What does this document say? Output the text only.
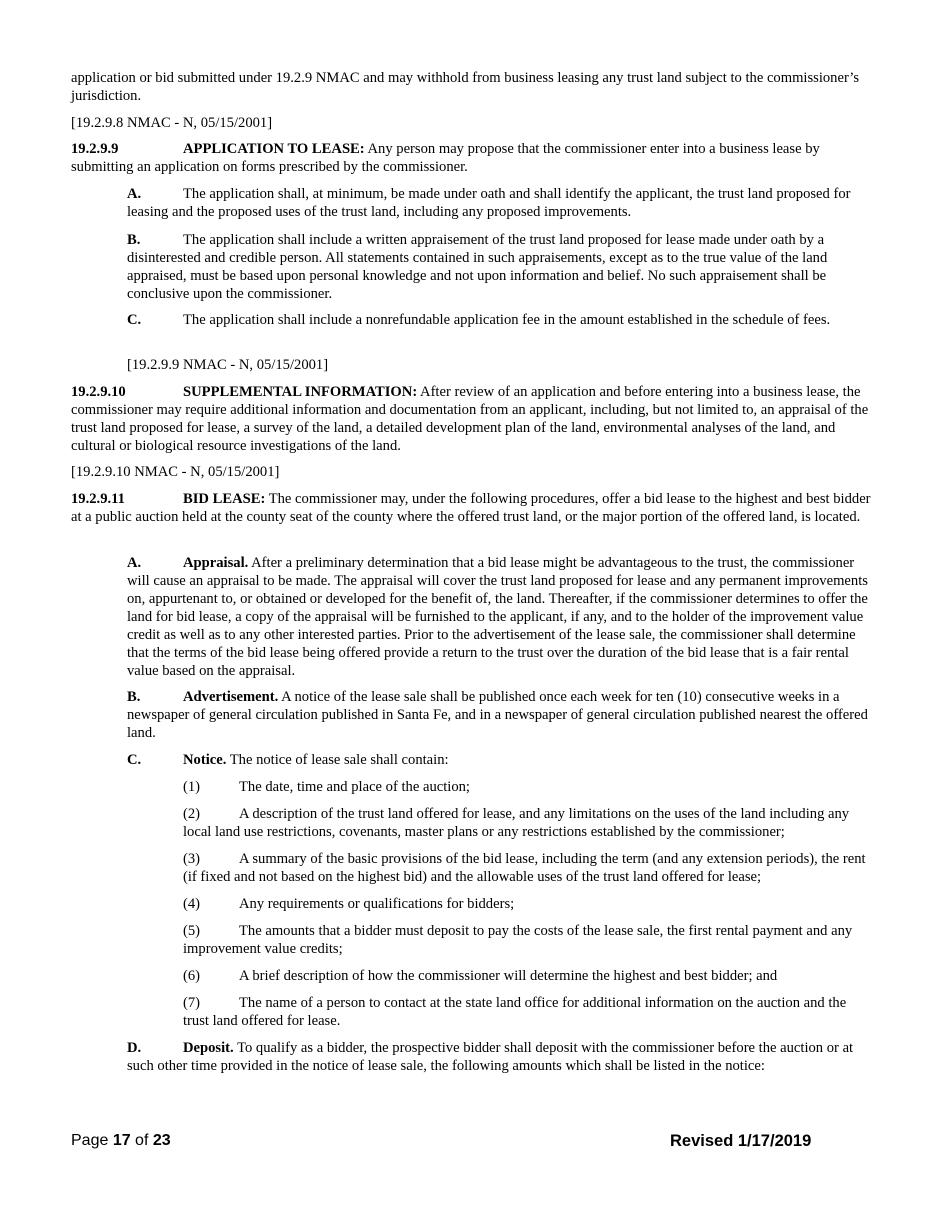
application or bid submitted under 19.2.9 NMAC and may withhold from business leasing any trust land subject to the commissioner’s jurisdiction.

[19.2.9.8 NMAC - N, 05/15/2001]

19.2.9.9	APPLICATION TO LEASE: Any person may propose that the commissioner enter into a business lease by submitting an application on forms prescribed by the commissioner.

A.	The application shall, at minimum, be made under oath and shall identify the applicant, the trust land proposed for leasing and the proposed uses of the trust land, including any proposed improvements.

B.	The application shall include a written appraisement of the trust land proposed for lease made under oath by a disinterested and credible person. All statements contained in such appraisements, except as to the true value of the land appraised, must be based upon personal knowledge and not upon information and belief. No such appraisement shall be conclusive upon the commissioner.

C.	The application shall include a nonrefundable application fee in the amount established in the schedule of fees.

[19.2.9.9 NMAC - N, 05/15/2001]

19.2.9.10	SUPPLEMENTAL INFORMATION: After review of an application and before entering into a business lease, the commissioner may require additional information and documentation from an applicant, including, but not limited to, an appraisal of the trust land proposed for lease, a survey of the land, a detailed development plan of the land, environmental analyses of the land, and cultural or biological resource investigations of the land.

[19.2.9.10 NMAC - N, 05/15/2001]

19.2.9.11	BID LEASE: The commissioner may, under the following procedures, offer a bid lease to the highest and best bidder at a public auction held at the county seat of the county where the offered trust land, or the major portion of the offered land, is located.

A.	Appraisal. After a preliminary determination that a bid lease might be advantageous to the trust, the commissioner will cause an appraisal to be made. The appraisal will cover the trust land proposed for lease and any permanent improvements on, appurtenant to, or obtained or developed for the benefit of, the land. Thereafter, if the commissioner determines to offer the land for bid lease, a copy of the appraisal will be furnished to the applicant, if any, and to the holder of the improvement value credit as well as to any other interested parties. Prior to the advertisement of the lease sale, the commissioner shall determine that the terms of the bid lease being offered provide a return to the trust over the duration of the bid lease that is a fair rental value based on the appraisal.

B.	Advertisement. A notice of the lease sale shall be published once each week for ten (10) consecutive weeks in a newspaper of general circulation published in Santa Fe, and in a newspaper of general circulation published nearest the offered land.

C.	Notice. The notice of lease sale shall contain:

(1)	The date, time and place of the auction;

(2)	A description of the trust land offered for lease, and any limitations on the uses of the land including any local land use restrictions, covenants, master plans or any restrictions established by the commissioner;

(3)	A summary of the basic provisions of the bid lease, including the term (and any extension periods), the rent (if fixed and not based on the highest bid) and the allowable uses of the trust land offered for lease;

(4)	Any requirements or qualifications for bidders;

(5)	The amounts that a bidder must deposit to pay the costs of the lease sale, the first rental payment and any improvement value credits;

(6)	A brief description of how the commissioner will determine the highest and best bidder; and

(7)	The name of a person to contact at the state land office for additional information on the auction and the trust land offered for lease.

D.	Deposit. To qualify as a bidder, the prospective bidder shall deposit with the commissioner before the auction or at such other time provided in the notice of lease sale, the following amounts which shall be listed in the notice:

Page 17 of 23	Revised 1/17/2019
